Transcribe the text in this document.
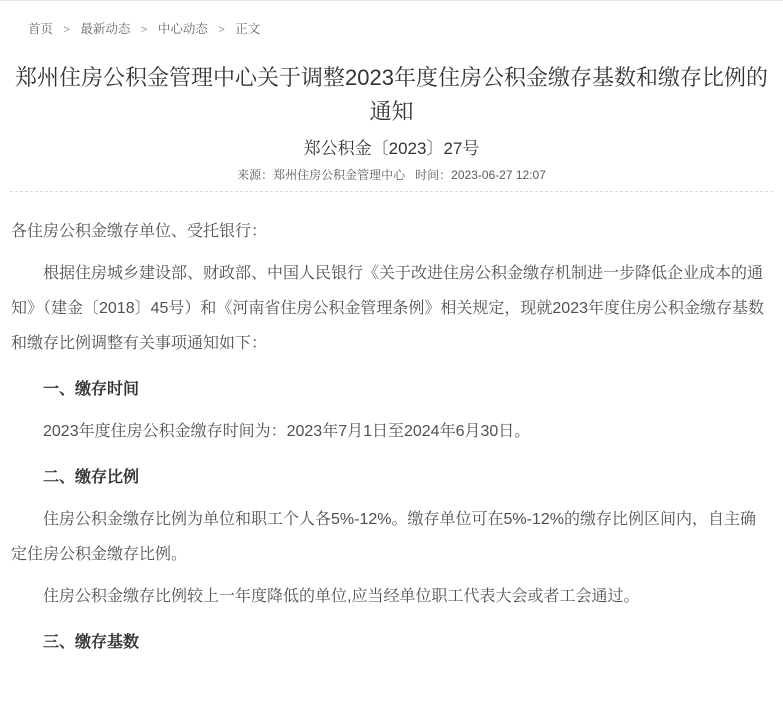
首页 > 最新动态 > 中心动态 > 正文
郑州住房公积金管理中心关于调整2023年度住房公积金缴存基数和缴存比例的通知
郑公积金〔2023〕27号
来源：郑州住房公积金管理中心 时间：2023-06-27 12:07

各住房公积金缴存单位、受托银行：

根据住房城乡建设部、财政部、中国人民银行《关于改进住房公积金缴存机制进一步降低企业成本的通知》（建金〔2018〕45号）和《河南省住房公积金管理条例》相关规定，现就2023年度住房公积金缴存基数和缴存比例调整有关事项通知如下：

一、缴存时间

2023年度住房公积金缴存时间为：2023年7月1日至2024年6月30日。

二、缴存比例

住房公积金缴存比例为单位和职工个人各5%-12%。缴存单位可在5%-12%的缴存比例区间内，自主确定住房公积金缴存比例。

住房公积金缴存比例较上一年度降低的单位,应当经单位职工代表大会或者工会通过。

三、缴存基数
